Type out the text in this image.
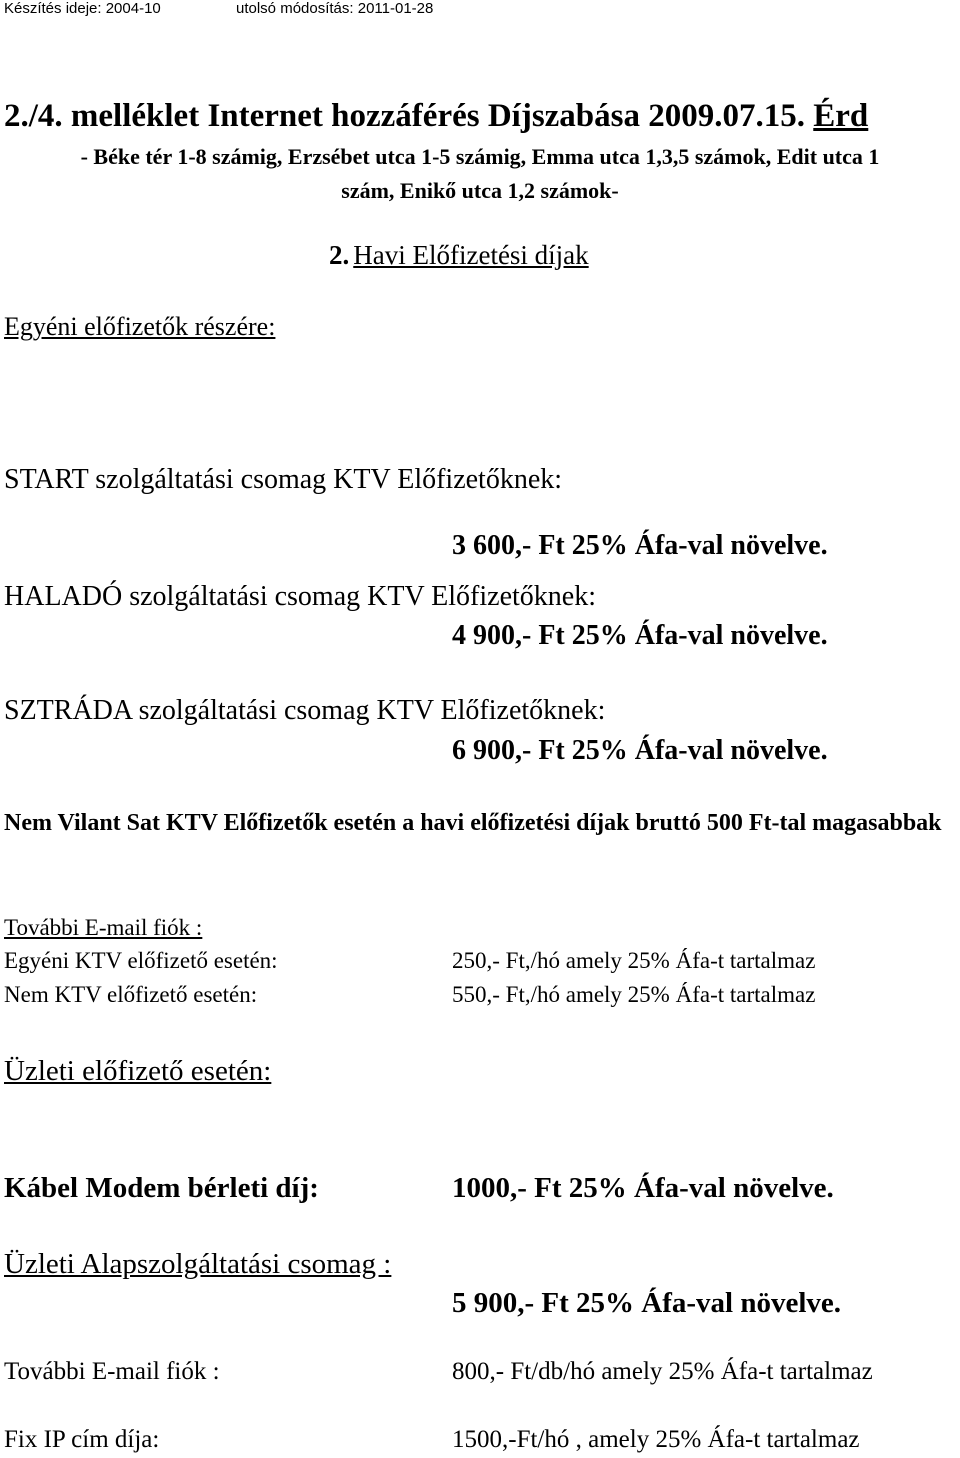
Készítés ideje: 2004-10	utolsó módosítás: 2011-01-28
2./4. melléklet Internet hozzáférés Díjszabása 2009.07.15. Érd
- Béke tér 1-8 számig, Erzsébet utca 1-5 számig, Emma utca 1,3,5 számok, Edit utca 1
szám, Enikő utca 1,2 számok-
2. Havi Előfizetési díjak
Egyéni előfizetők részére:
START szolgáltatási csomag KTV Előfizetőknek:
3 600,- Ft 25% Áfa-val növelve.
HALADÓ szolgáltatási csomag KTV Előfizetőknek:
4 900,- Ft 25% Áfa-val növelve.
SZTRÁDA szolgáltatási csomag KTV Előfizetőknek:
6 900,- Ft 25% Áfa-val növelve.
Nem Vilant Sat KTV Előfizetők esetén a havi előfizetési díjak bruttó 500 Ft-tal magasabbak
További E-mail fiók :
Egyéni KTV előfizető esetén:	250,- Ft,/hó amely 25% Áfa-t tartalmaz
Nem KTV előfizető esetén:	550,- Ft,/hó amely 25% Áfa-t tartalmaz
Üzleti előfizető esetén:
Kábel Modem bérleti díj:	1000,- Ft 25% Áfa-val növelve.
Üzleti Alapszolgáltatási csomag :
5 900,- Ft 25% Áfa-val növelve.
További E-mail fiók :	800,- Ft/db/hó amely 25% Áfa-t tartalmaz
Fix IP cím díja:	1500,-Ft/hó , amely 25% Áfa-t tartalmaz
